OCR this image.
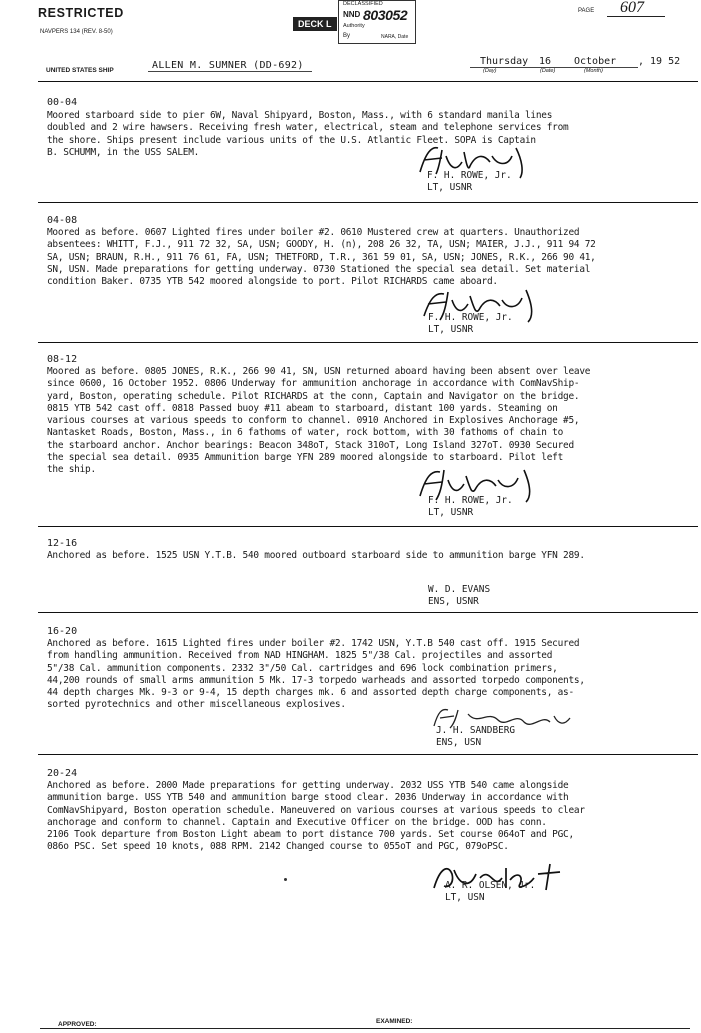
RESTRICTED
NAVPERS 134 (REV. 8-50)
PAGE 607
DECK L
DECLASSIFIED
NND 803052
Authority
By	NARA, Date
UNITED STATES SHIP	ALLEN M. SUMNER (DD-692)	Thursday 16 October , 19 52
(Day)	(Date)	(Month)
00-04
Moored starboard side to pier 6W, Naval Shipyard, Boston, Mass., with 6 standard manila lines
doubled and 2 wire hawsers. Receiving fresh water, electrical, steam and telephone services from
the shore. Ships present include various units of the U.S. Atlantic Fleet. SOPA is Captain
B. SCHUMM, in the USS SALEM.
F. H. ROWE, Jr.
LT, USNR
04-08
Moored as before. 0607 Lighted fires under boiler #2. 0610 Mustered crew at quarters. Unauthorized
absentees: WHITT, F.J., 911 72 32, SA, USN; GOODY, H. (n), 208 26 32, TA, USN; MAIER, J.J., 911 94 72
SA, USN; BRAUN, R.H., 911 76 61, FA, USN; THETFORD, T.R., 361 59 01, SA, USN; JONES, R.K., 266 90 41,
SN, USN. Made preparations for getting underway. 0730 Stationed the special sea detail. Set material
condition Baker. 0735 YTB 542 moored alongside to port. Pilot RICHARDS came aboard.
F. H. ROWE, Jr.
LT, USNR
08-12
Moored as before. 0805 JONES, R.K., 266 90 41, SN, USN returned aboard having been absent over leave
since 0600, 16 October 1952. 0806 Underway for ammunition anchorage in accordance with ComNavShip-
yard, Boston, operating schedule. Pilot RICHARDS at the conn, Captain and Navigator on the bridge.
0815 YTB 542 cast off. 0818 Passed buoy #11 abeam to starboard, distant 100 yards. Steaming on
various courses at various speeds to conform to channel. 0910 Anchored in Explosives Anchorage #5,
Nantasket Roads, Boston, Mass., in 6 fathoms of water, rock bottom, with 30 fathoms of chain to
the starboard anchor. Anchor bearings: Beacon 348oT, Stack 310oT, Long Island 327oT. 0930 Secured
the special sea detail. 0935 Ammunition barge YFN 289 moored alongside to starboard. Pilot left
the ship.
F. H. ROWE, Jr.
LT, USNR
12-16
Anchored as before. 1525 USN Y.T.B. 540 moored outboard starboard side to ammunition barge YFN 289.
W. D. EVANS
ENS, USNR
16-20
Anchored as before. 1615 Lighted fires under boiler #2. 1742 USN, Y.T.B 540 cast off. 1915 Secured
from handling ammunition. Received from NAD HINGHAM. 1825 5"/38 Cal. projectiles and assorted
5"/38 Cal. ammunition components. 2332 3"/50 Cal. cartridges and 696 lock combination primers,
44,200 rounds of small arms ammunition 5 Mk. 17-3 torpedo warheads and assorted torpedo components,
44 depth charges Mk. 9-3 or 9-4, 15 depth charges mk. 6 and assorted depth charge components, as-
sorted pyrotechnics and other miscellaneous explosives.
J. H. SANDBERG
ENS, USN
20-24
Anchored as before. 2000 Made preparations for getting underway. 2032 USS YTB 540 came alongside
ammunition barge. USS YTB 540 and ammunition barge stood clear. 2036 Underway in accordance with
ComNavShipyard, Boston operation schedule. Maneuvered on various courses at various speeds to clear
anchorage and conform to channel. Captain and Executive Officer on the bridge. OOD has conn.
2106 Took departure from Boston Light abeam to port distance 700 yards. Set course 064oT and PGC,
086o PSC. Set speed 10 knots, 088 RPM. 2142 Changed course to 055oT and PGC, 079oPSC.
A. R. OLSEN, Jr.
LT, USN
EXAMINED:
APPROVED:
